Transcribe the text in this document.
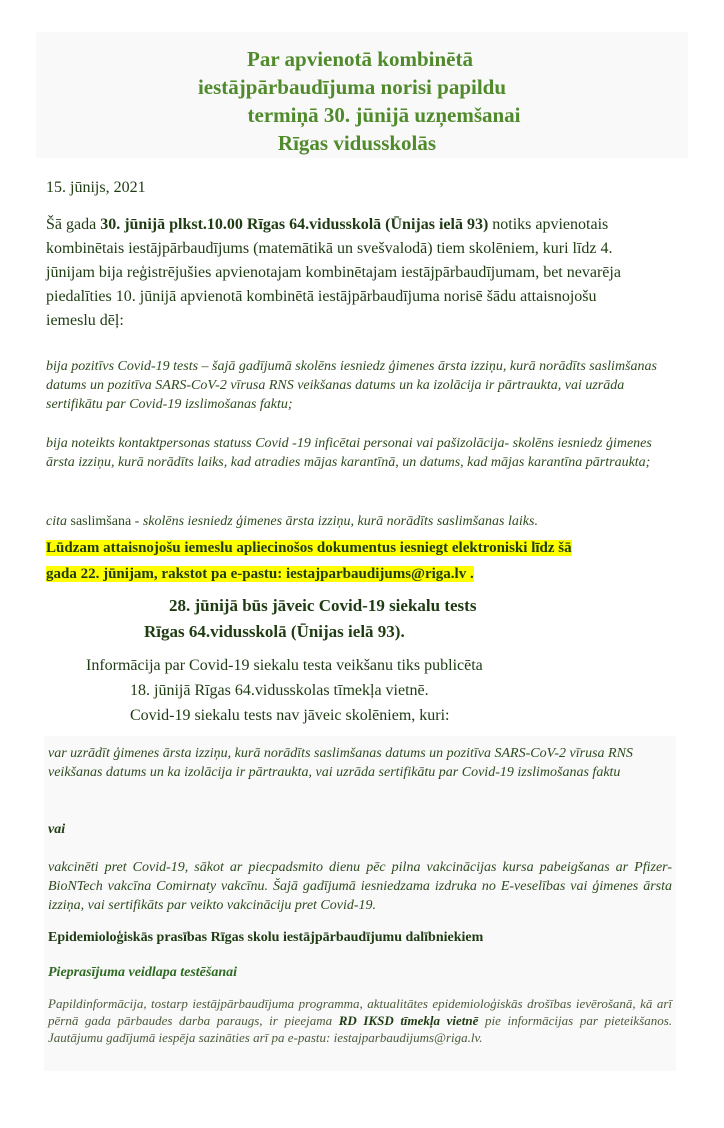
Par apvienotā kombinētā
iestājpārbaudījuma norisi papildu
termiņā 30. jūnijā uzņemšanai
Rīgas vidusskolās
15. jūnijs, 2021
Šā gada 30. jūnijā plkst.10.00 Rīgas 64.vidusskolā (Ūnijas ielā 93) notiks apvienotais kombinētais iestājpārbaudījums (matemātikā un svešvalodā) tiem skolēniem, kuri līdz 4. jūnijam bija reģistrējušies apvienotajam kombinētajam iestājpārbaudījumam, bet nevarēja piedalīties 10. jūnijā apvienotā kombinētā iestājpārbaudījuma norisē šādu attaisnojošu iemeslu dēļ:
bija pozitīvs Covid-19 tests – šajā gadījumā skolēns iesniedz ģimenes ārsta izziņu, kurā norādīts saslimšanas datums un pozitīva SARS-CoV-2 vīrusa RNS veikšanas datums un ka izolācija ir pārtraukta, vai uzrāda sertifikātu par Covid-19 izslimošanas faktu;
bija noteikts kontaktpersonas statuss Covid -19 inficētai personai vai pašizolācija- skolēns iesniedz ģimenes ārsta izziņu, kurā norādīts laiks, kad atradies mājas karantīnā, un datums, kad mājas karantīna pārtraukta;
cita saslimšana - skolēns iesniedz ģimenes ārsta izziņu, kurā norādīts saslimšanas laiks.
Lūdzam attaisnojošu iemeslu apliecinošos dokumentus iesniegt elektroniski līdz šā
gada 22. jūnijam, rakstot pa e-pastu: iestajparbaudijums@riga.lv .
28. jūnijā būs jāveic Covid-19 siekalu tests
Rīgas 64.vidusskolā (Ūnijas ielā 93).
Informācija par Covid-19 siekalu testa veikšanu tiks publicēta
18. jūnijā Rīgas 64.vidusskolas tīmekļa vietnē.
Covid-19 siekalu tests nav jāveic skolēniem, kuri:
var uzrādīt ģimenes ārsta izziņu, kurā norādīts saslimšanas datums un pozitīva SARS-CoV-2 vīrusa RNS veikšanas datums un ka izolācija ir pārtraukta, vai uzrāda sertifikātu par Covid-19 izslimošanas faktu
vai
vakcinēti pret Covid-19, sākot ar piecpadsmito dienu pēc pilna vakcinācijas kursa pabeigšanas ar Pfizer-BioNTech vakcīna Comirnaty vakcīnu. Šajā gadījumā iesniedzama izdruka no E-veselības vai ģimenes ārsta izziņa, vai sertifikāts par veikto vakcināciju pret Covid-19.
Epidemioloģiskās prasības Rīgas skolu iestājpārbaudījumu dalībniekiem
Pieprasījuma veidlapa testēšanai
Papildinformācija, tostarp iestājpārbaudījuma programma, aktualitātes epidemioloģiskās drošības ievērošanā, kā arī pērnā gada pārbaudes darba paraugs, ir pieejama RD IKSD tīmekļa vietnē pie informācijas par pieteikšanos. Jautājumu gadījumā iespēja sazināties arī pa e-pastu: iestajparbaudijums@riga.lv.
